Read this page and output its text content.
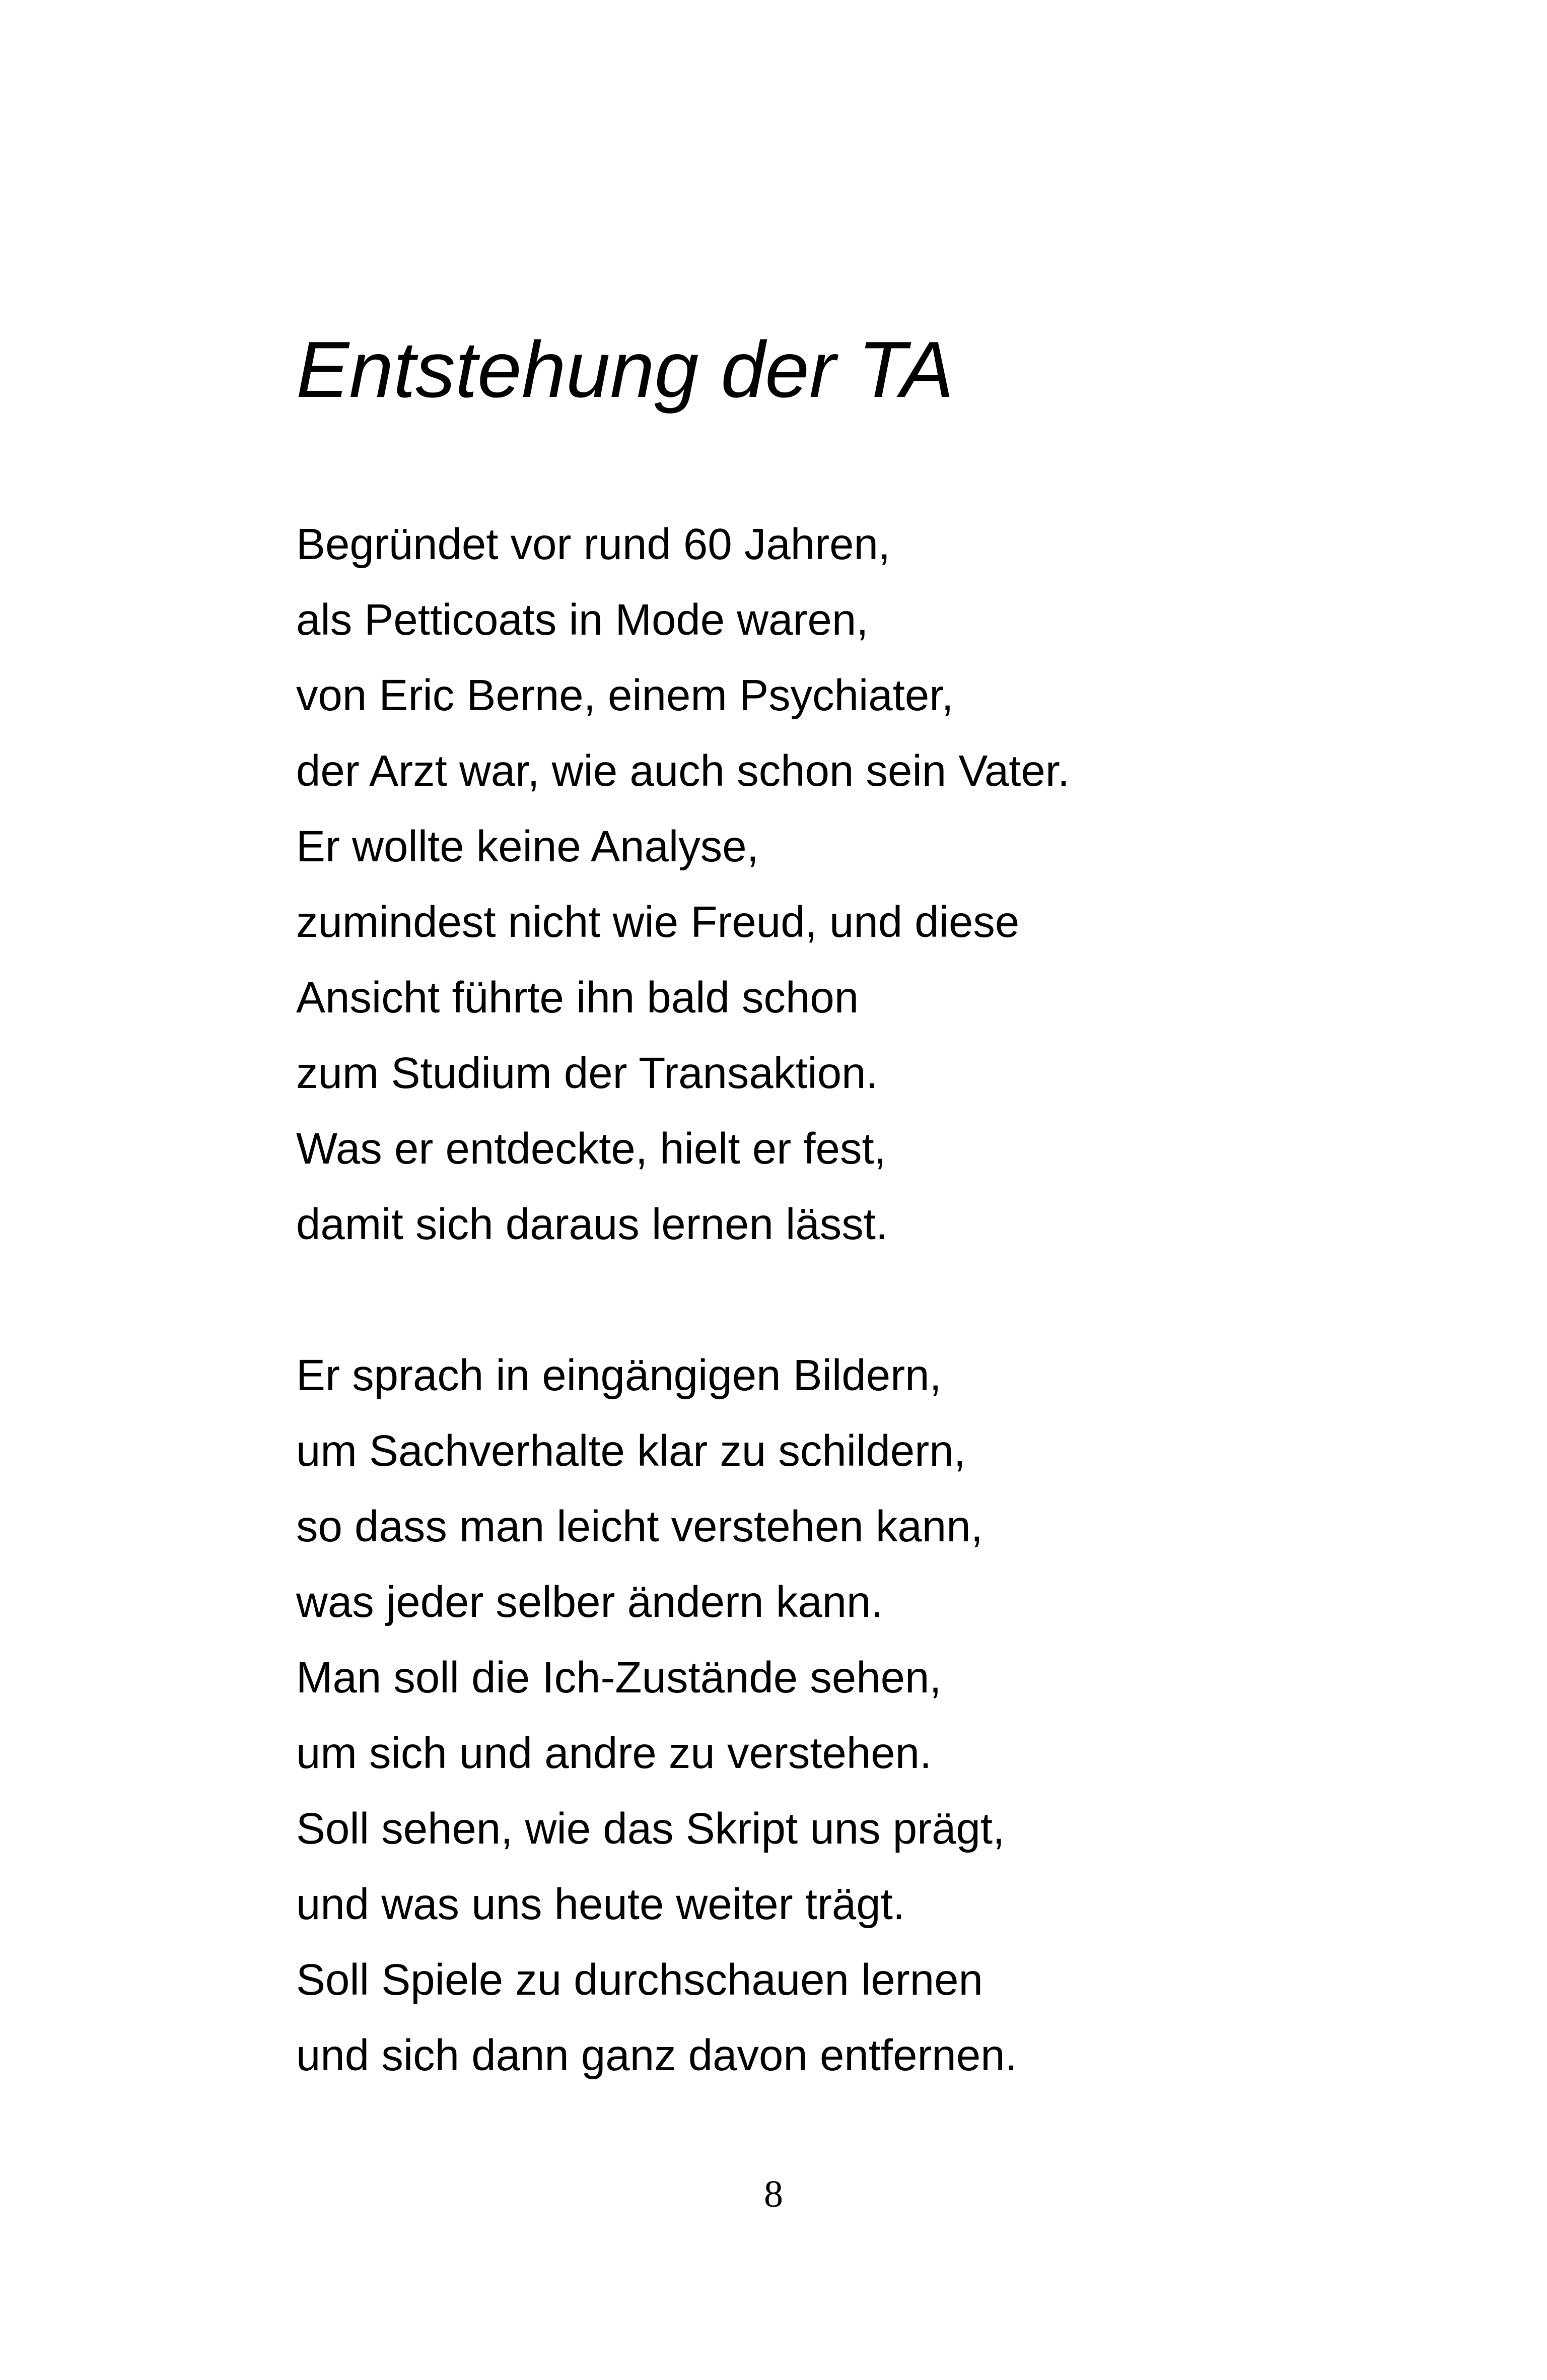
Entstehung der TA
Begründet vor rund 60 Jahren,
als Petticoats in Mode waren,
von Eric Berne, einem Psychiater,
der Arzt war, wie auch schon sein Vater.
Er wollte keine Analyse,
zumindest nicht wie Freud, und diese
Ansicht führte ihn bald schon
zum Studium der Transaktion.
Was er entdeckte, hielt er fest,
damit sich daraus lernen lässt.
Er sprach in eingängigen Bildern,
um Sachverhalte klar zu schildern,
so dass man leicht verstehen kann,
was jeder selber ändern kann.
Man soll die Ich-Zustände sehen,
um sich und andre zu verstehen.
Soll sehen, wie das Skript uns prägt,
und was uns heute weiter trägt.
Soll Spiele zu durchschauen lernen
und sich dann ganz davon entfernen.
8
